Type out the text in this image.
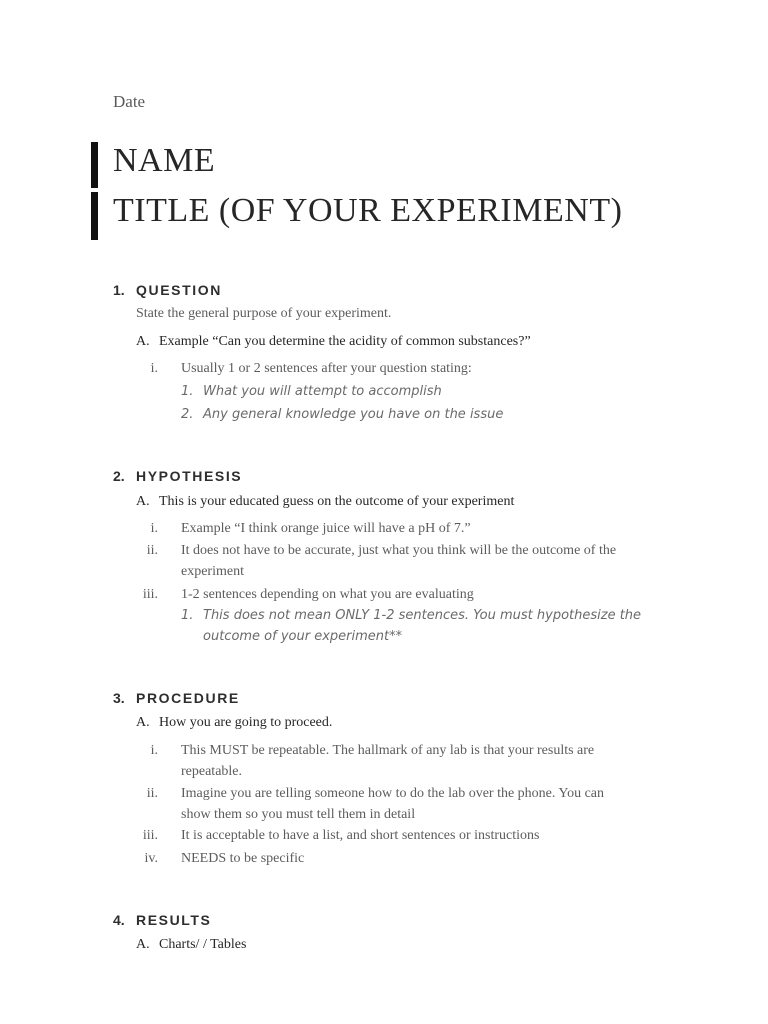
Date
NAME
TITLE (OF YOUR EXPERIMENT)
1. QUESTION
State the general purpose of your experiment.
A. Example “Can you determine the acidity of common substances?”
i. Usually 1 or 2 sentences after your question stating:
1. What you will attempt to accomplish
2. Any general knowledge you have on the issue
2. HYPOTHESIS
A. This is your educated guess on the outcome of your experiment
i. Example “I think orange juice will have a pH of 7.”
ii. It does not have to be accurate, just what you think will be the outcome of the
experiment
iii. 1-2 sentences depending on what you are evaluating
1. This does not mean ONLY 1-2 sentences. You must hypothesize the
outcome of your experiment**
3. PROCEDURE
A. How you are going to proceed.
i. This MUST be repeatable. The hallmark of any lab is that your results are
repeatable.
ii. Imagine you are telling someone how to do the lab over the phone. You can
show them so you must tell them in detail
iii. It is acceptable to have a list, and short sentences or instructions
iv. NEEDS to be specific
4. RESULTS
A. Charts/ / Tables
